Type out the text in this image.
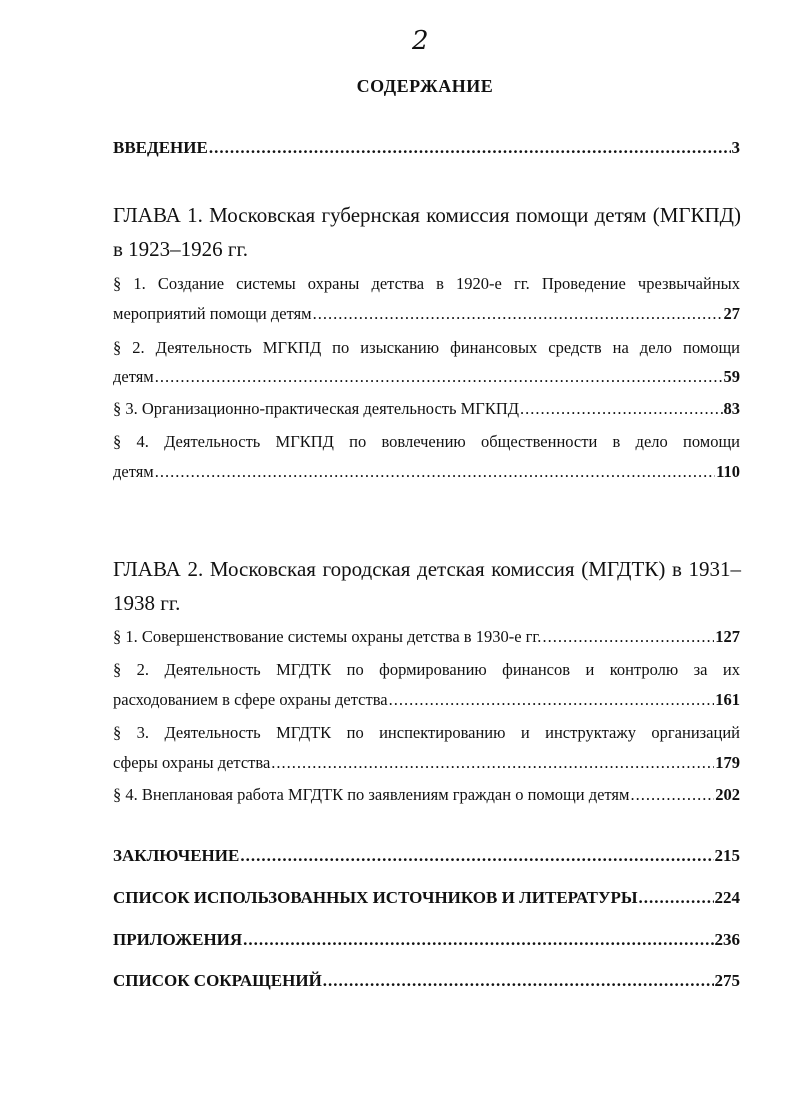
2
СОДЕРЖАНИЕ
ВВЕДЕНИЕ .....	3
ГЛАВА 1. Московская губернская комиссия помощи детям (МГКПД) в 1923–1926 гг.
§ 1. Создание системы охраны детства в 1920-е гг. Проведение чрезвычайных
мероприятий помощи детям .....	27
§ 2. Деятельность МГКПД по изысканию финансовых средств на дело помощи
детям .....	59
§ 3. Организационно-практическая деятельность МГКПД .....	83
§ 4. Деятельность МГКПД по вовлечению общественности в дело помощи
детям .....	110
ГЛАВА 2. Московская городская детская комиссия (МГДТК) в 1931–1938 гг.
§ 1. Совершенствование системы охраны детства в 1930-е гг. .....	127
§ 2. Деятельность МГДТК по формированию финансов и контролю за их
расходованием в сфере охраны детства .....	161
§ 3. Деятельность МГДТК по инспектированию и инструктажу организаций
сферы охраны детства .....	179
§ 4. Внеплановая работа МГДТК по заявлениям граждан о помощи детям .....	202
ЗАКЛЮЧЕНИЕ .....	215
СПИСОК ИСПОЛЬЗОВАННЫХ ИСТОЧНИКОВ И ЛИТЕРАТУРЫ .....	224
ПРИЛОЖЕНИЯ .....	236
СПИСОК СОКРАЩЕНИЙ .....	275
